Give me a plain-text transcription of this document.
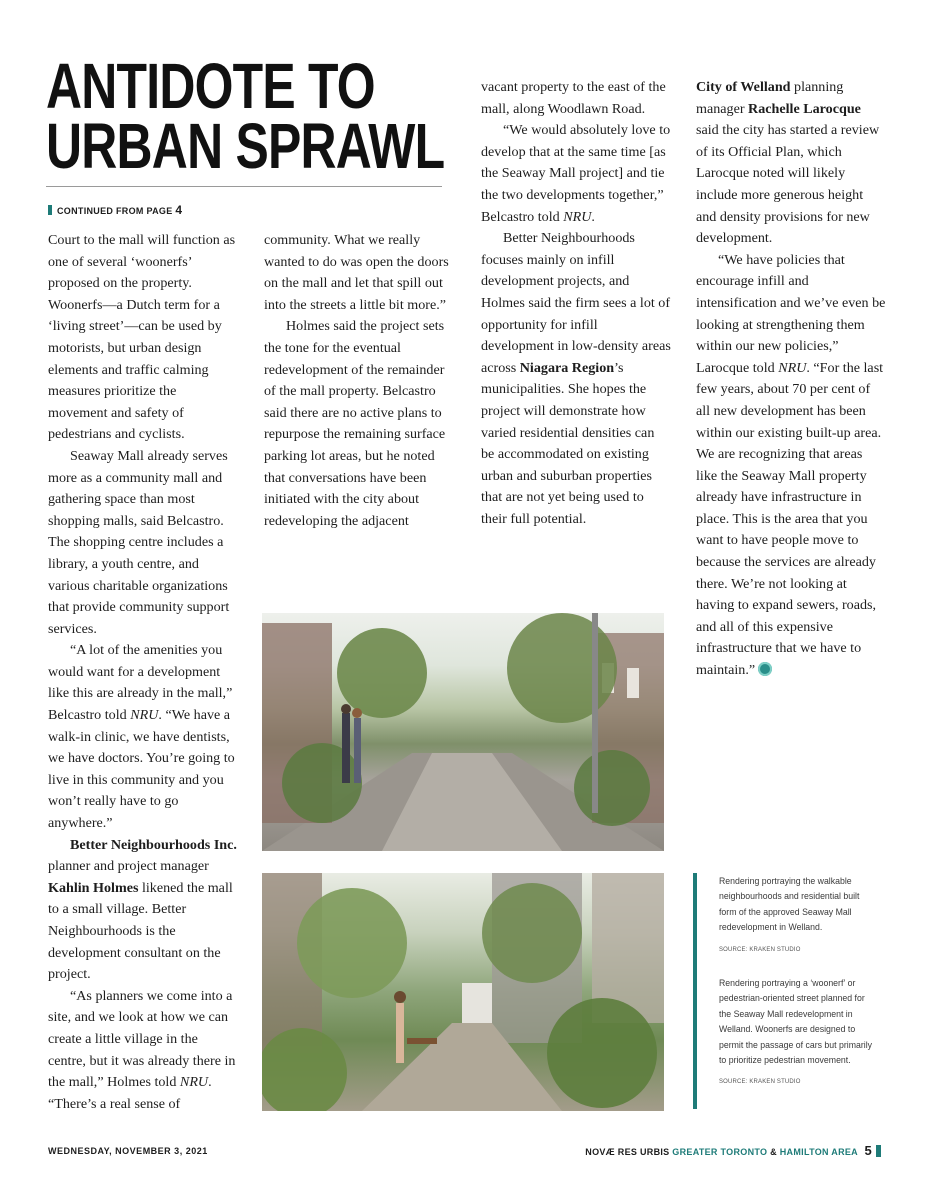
ANTIDOTE TO
URBAN SPRAWL
CONTINUED FROM PAGE 4

Court to the mall will function as one of several ‘woonerfs’ proposed on the property. Woonerfs—a Dutch term for a ‘living street’—can be used by motorists, but urban design elements and traffic calming measures prioritize the movement and safety of pedestrians and cyclists.

Seaway Mall already serves more as a community mall and gathering space than most shopping malls, said Belcastro. The shopping centre includes a library, a youth centre, and various charitable organizations that provide community support services.

“A lot of the amenities you would want for a development like this are already in the mall,” Belcastro told NRU. “We have a walk-in clinic, we have dentists, we have doctors. You’re going to live in this community and you won’t really have to go anywhere.”

Better Neighbourhoods Inc. planner and project manager Kahlin Holmes likened the mall to a small village. Better Neighbourhoods is the development consultant on the project.

“As planners we come into a site, and we look at how we can create a little village in the centre, but it was already there in the mall,” Holmes told NRU. “There’s a real sense of

community. What we really wanted to do was open the doors on the mall and let that spill out into the streets a little bit more.”

Holmes said the project sets the tone for the eventual redevelopment of the remainder of the mall property. Belcastro said there are no active plans to repurpose the remaining surface parking lot areas, but he noted that conversations have been initiated with the city about redeveloping the adjacent

vacant property to the east of the mall, along Woodlawn Road.

“We would absolutely love to develop that at the same time [as the Seaway Mall project] and tie the two developments together,” Belcastro told NRU.

Better Neighbourhoods focuses mainly on infill development projects, and Holmes said the firm sees a lot of opportunity for infill development in low-density areas across Niagara Region’s municipalities. She hopes the project will demonstrate how varied residential densities can be accommodated on existing urban and suburban properties that are not yet being used to their full potential.

City of Welland planning manager Rachelle Larocque said the city has started a review of its Official Plan, which Larocque noted will likely include more generous height and density provisions for new development.

“We have policies that encourage infill and intensification and we’ve even be looking at strengthening them within our new policies,” Larocque told NRU. “For the last few years, about 70 per cent of all new development has been within our existing built-up area. We are recognizing that areas like the Seaway Mall property already have infrastructure in place. This is the area that you want to have people move to because the services are already there. We’re not looking at having to expand sewers, roads, and all of this expensive infrastructure that we have to maintain.”

Rendering portraying the walkable neighbourhoods and residential built form of the approved Seaway Mall redevelopment in Welland.
SOURCE: KRAKEN STUDIO
Rendering portraying a ‘woonerf’ or pedestrian-oriented street planned for the Seaway Mall redevelopment in Welland. Woonerfs are designed to permit the passage of cars but primarily to prioritize pedestrian movement.
SOURCE: KRAKEN STUDIO
WEDNESDAY, NOVEMBER 3, 2021	NOVÆ RES URBIS GREATER TORONTO & HAMILTON AREA 5
